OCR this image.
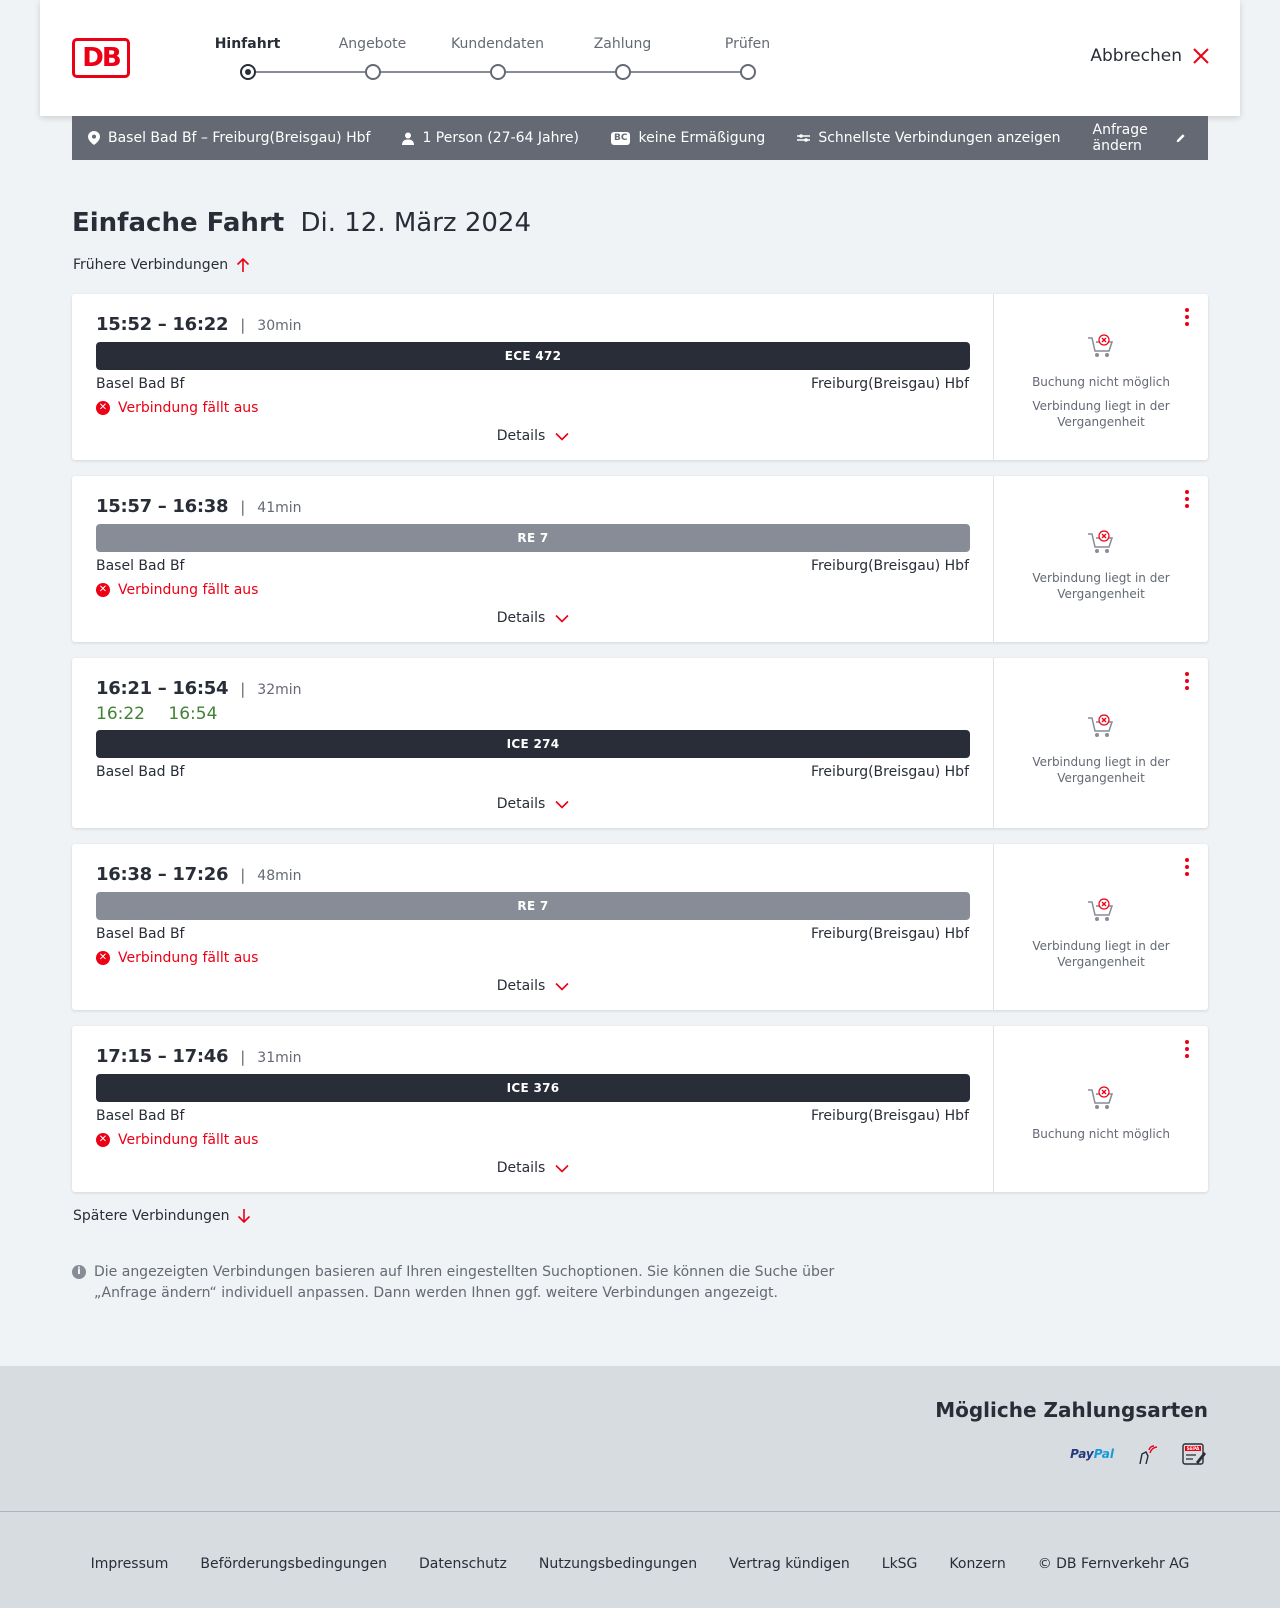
DB	Hinfahrt	Angebote	Kundendaten	Zahlung	Prüfen
Abbrechen
Basel Bad Bf – Freiburg(Breisgau) Hbf	1 Person (27-64 Jahre)	BC keine Ermäßigung	Schnellste Verbindungen anzeigen Anfrage ändern
Einfache Fahrt Di. 12. März 2024
Frühere Verbindungen
15:52 – 16:22 | 30min
ECE 472
Basel Bad Bf	Freiburg(Breisgau) Hbf
✕ Verbindung fällt aus
Details
Buchung nicht möglich
Verbindung liegt in der Vergangenheit
15:57 – 16:38 | 41min
RE 7
Basel Bad Bf	Freiburg(Breisgau) Hbf
✕ Verbindung fällt aus
Details
Verbindung liegt in der Vergangenheit
16:21 – 16:54 | 32min
16:22 16:54
ICE 274
Basel Bad Bf	Freiburg(Breisgau) Hbf
Details
Verbindung liegt in der Vergangenheit
16:38 – 17:26 | 48min
RE 7
Basel Bad Bf	Freiburg(Breisgau) Hbf
✕ Verbindung fällt aus
Details
Verbindung liegt in der Vergangenheit
17:15 – 17:46 | 31min
ICE 376
Basel Bad Bf	Freiburg(Breisgau) Hbf
✕ Verbindung fällt aus
Details
Buchung nicht möglich
Spätere Verbindungen
i Die angezeigten Verbindungen basieren auf Ihren eingestellten Suchoptionen. Sie können die Suche über „Anfrage ändern“ individuell anpassen. Dann werden Ihnen ggf. weitere Verbindungen angezeigt.
Mögliche Zahlungsarten
PayPal	SEPA
Impressum Beförderungsbedingungen Datenschutz Nutzungsbedingungen Vertrag kündigen LkSG Konzern © DB Fernverkehr AG
